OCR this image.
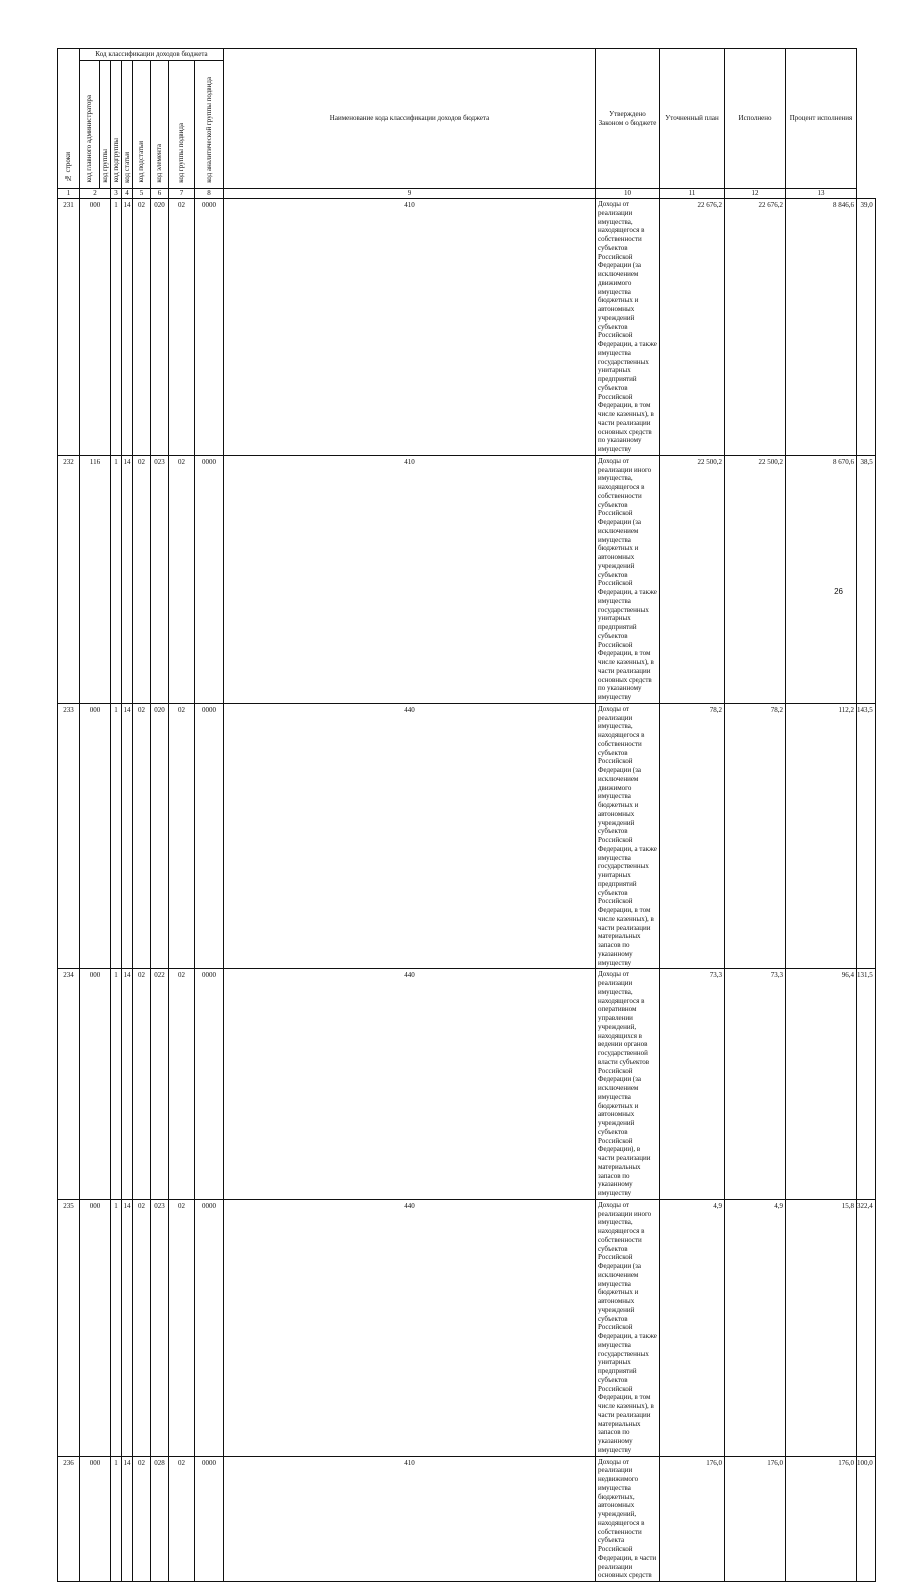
№ строки	Код классификации доходов бюджета								Наименование кода классификации доходов бюджета	Утверждено Законом о бюджете	Уточненный план	Исполнено	Процент исполнения	
	код главного администратора	код группы	код подгруппы	код статьи	код подстатьи	код элемента	код группы подвида	код аналитической группы подвида						
1	2		3	4	5	6	7	8	9	10	11	12	13	
231	000		1	14	02	020	02	0000	410	Доходы от реализации имущества, находящегося в собственности субъектов Российской Федерации (за исключением движимого имущества бюджетных и автономных учреждений субъектов Российской Федерации, а также имущества государственных унитарных предприятий субъектов Российской Федерации, в том числе казенных), в части реализации основных средств по указанному имуществу	22 676,2	22 676,2	8 846,6	39,0
232	116		1	14	02	023	02	0000	410	Доходы от реализации иного имущества, находящегося в собственности субъектов Российской Федерации (за исключением имущества бюджетных и автономных учреждений субъектов Российской Федерации, а также имущества государственных унитарных предприятий субъектов Российской Федерации, в том числе казенных), в части реализации основных средств по указанному имуществу	22 500,2	22 500,2	8 670,6	38,5
233	000		1	14	02	020	02	0000	440	Доходы от реализации имущества, находящегося в собственности субъектов Российской Федерации (за исключением движимого имущества бюджетных и автономных учреждений субъектов Российской Федерации, а также имущества государственных унитарных предприятий субъектов Российской Федерации, в том числе казенных), в части реализации материальных запасов по указанному имуществу	78,2	78,2	112,2	143,5
234	000		1	14	02	022	02	0000	440	Доходы от реализации имущества, находящегося в оперативном управлении учреждений, находящихся в ведении органов государственной власти субъектов Российской Федерации (за исключением имущества бюджетных и автономных учреждений субъектов Российской Федерации), в части реализации материальных запасов по указанному имуществу	73,3	73,3	96,4	131,5
235	000		1	14	02	023	02	0000	440	Доходы от реализации иного имущества, находящегося в собственности субъектов Российской Федерации (за исключением имущества бюджетных и автономных учреждений субъектов Российской Федерации, а также имущества государственных унитарных предприятий субъектов Российской Федерации, в том числе казенных), в части реализации материальных запасов по указанному имуществу	4,9	4,9	15,8	322,4
236	000		1	14	02	028	02	0000	410	Доходы от реализации недвижимого имущества бюджетных, автономных учреждений, находящегося в собственности субъекта Российской Федерации, в части реализации основных средств	176,0	176,0	176,0	100,0
26
